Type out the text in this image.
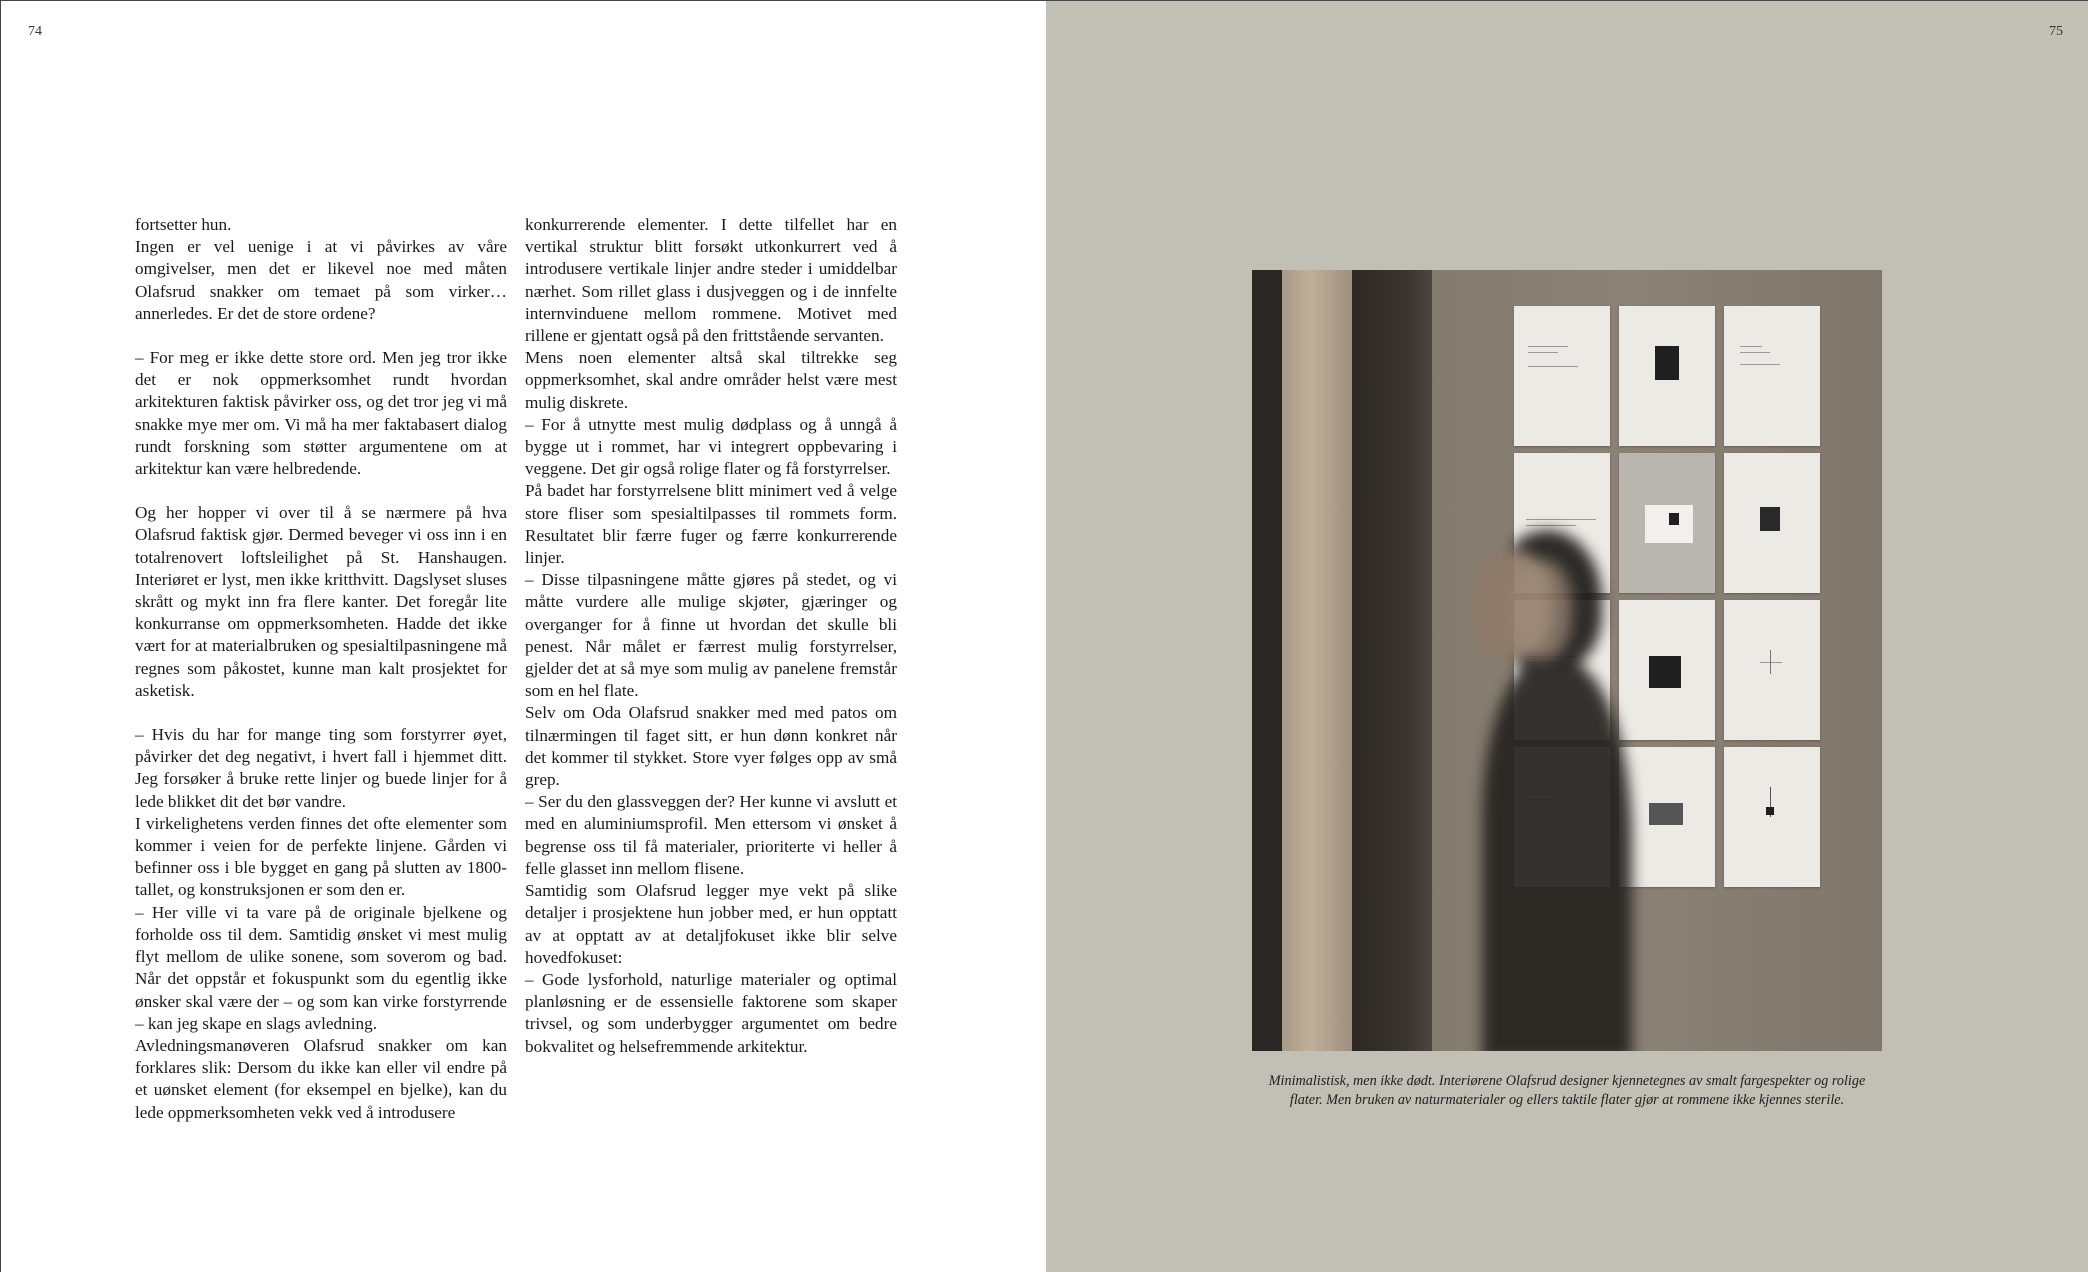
74

fortsetter hun.

Ingen er vel uenige i at vi påvirkes av våre omgivelser, men det er likevel noe med måten Olafsrud snakker om temaet på som virker… annerledes. Er det de store ordene?

– For meg er ikke dette store ord. Men jeg tror ikke det er nok oppmerksomhet rundt hvordan arkitekturen faktisk påvirker oss, og det tror jeg vi må snakke mye mer om. Vi må ha mer faktabasert dialog rundt forskning som støtter argumentene om at arkitektur kan være helbredende.

Og her hopper vi over til å se nærmere på hva Olafsrud faktisk gjør. Dermed beveger vi oss inn i en totalrenovert loftsleilighet på St. Hanshaugen. Interiøret er lyst, men ikke kritthvitt. Dagslyset sluses skrått og mykt inn fra flere kanter. Det foregår lite konkurranse om oppmerksomheten. Hadde det ikke vært for at materialbruken og spesialtilpasningene må regnes som påkostet, kunne man kalt prosjektet for asketisk.

– Hvis du har for mange ting som forstyrrer øyet, påvirker det deg negativt, i hvert fall i hjemmet ditt. Jeg forsøker å bruke rette linjer og buede linjer for å lede blikket dit det bør vandre.

I virkelighetens verden finnes det ofte elementer som kommer i veien for de perfekte linjene. Gården vi befinner oss i ble bygget en gang på slutten av 1800-tallet, og konstruksjonen er som den er.

– Her ville vi ta vare på de originale bjelkene og forholde oss til dem. Samtidig ønsket vi mest mulig flyt mellom de ulike sonene, som soverom og bad. Når det oppstår et fokuspunkt som du egentlig ikke ønsker skal være der – og som kan virke forstyrrende – kan jeg skape en slags avledning.

Avledningsmanøveren Olafsrud snakker om kan forklares slik: Dersom du ikke kan eller vil endre på et uønsket element (for eksempel en bjelke), kan du lede oppmerksomheten vekk ved å introdusere

konkurrerende elementer. I dette tilfellet har en vertikal struktur blitt forsøkt utkonkurrert ved å introdusere vertikale linjer andre steder i umiddelbar nærhet. Som rillet glass i dusjveggen og i de innfelte internvinduene mellom rommene. Motivet med rillene er gjentatt også på den frittstående servanten.

Mens noen elementer altså skal tiltrekke seg oppmerksomhet, skal andre områder helst være mest mulig diskrete.

– For å utnytte mest mulig dødplass og å unngå å bygge ut i rommet, har vi integrert oppbevaring i veggene. Det gir også rolige flater og få forstyrrelser.

På badet har forstyrrelsene blitt minimert ved å velge store fliser som spesialtilpasses til rommets form. Resultatet blir færre fuger og færre konkurrerende linjer.

– Disse tilpasningene måtte gjøres på stedet, og vi måtte vurdere alle mulige skjøter, gjæringer og overganger for å finne ut hvordan det skulle bli penest. Når målet er færrest mulig forstyrrelser, gjelder det at så mye som mulig av panelene fremstår som en hel flate.

Selv om Oda Olafsrud snakker med med patos om tilnærmingen til faget sitt, er hun dønn konkret når det kommer til stykket. Store vyer følges opp av små grep.

– Ser du den glassveggen der? Her kunne vi avslutt et med en aluminiumsprofil. Men ettersom vi ønsket å begrense oss til få materialer, prioriterte vi heller å felle glasset inn mellom flisene.

Samtidig som Olafsrud legger mye vekt på slike detaljer i prosjektene hun jobber med, er hun opptatt av at opptatt av at detaljfokuset ikke blir selve hovedfokuset:

– Gode lysforhold, naturlige materialer og optimal planløsning er de essensielle faktorene som skaper trivsel, og som underbygger argumentet om bedre bokvalitet og helsefremmende arkitektur.

75
Minimalistisk, men ikke dødt. Interiørene Olafsrud designer kjennetegnes av smalt fargespekter og rolige flater. Men bruken av naturmaterialer og ellers taktile flater gjør at rommene ikke kjennes sterile.
